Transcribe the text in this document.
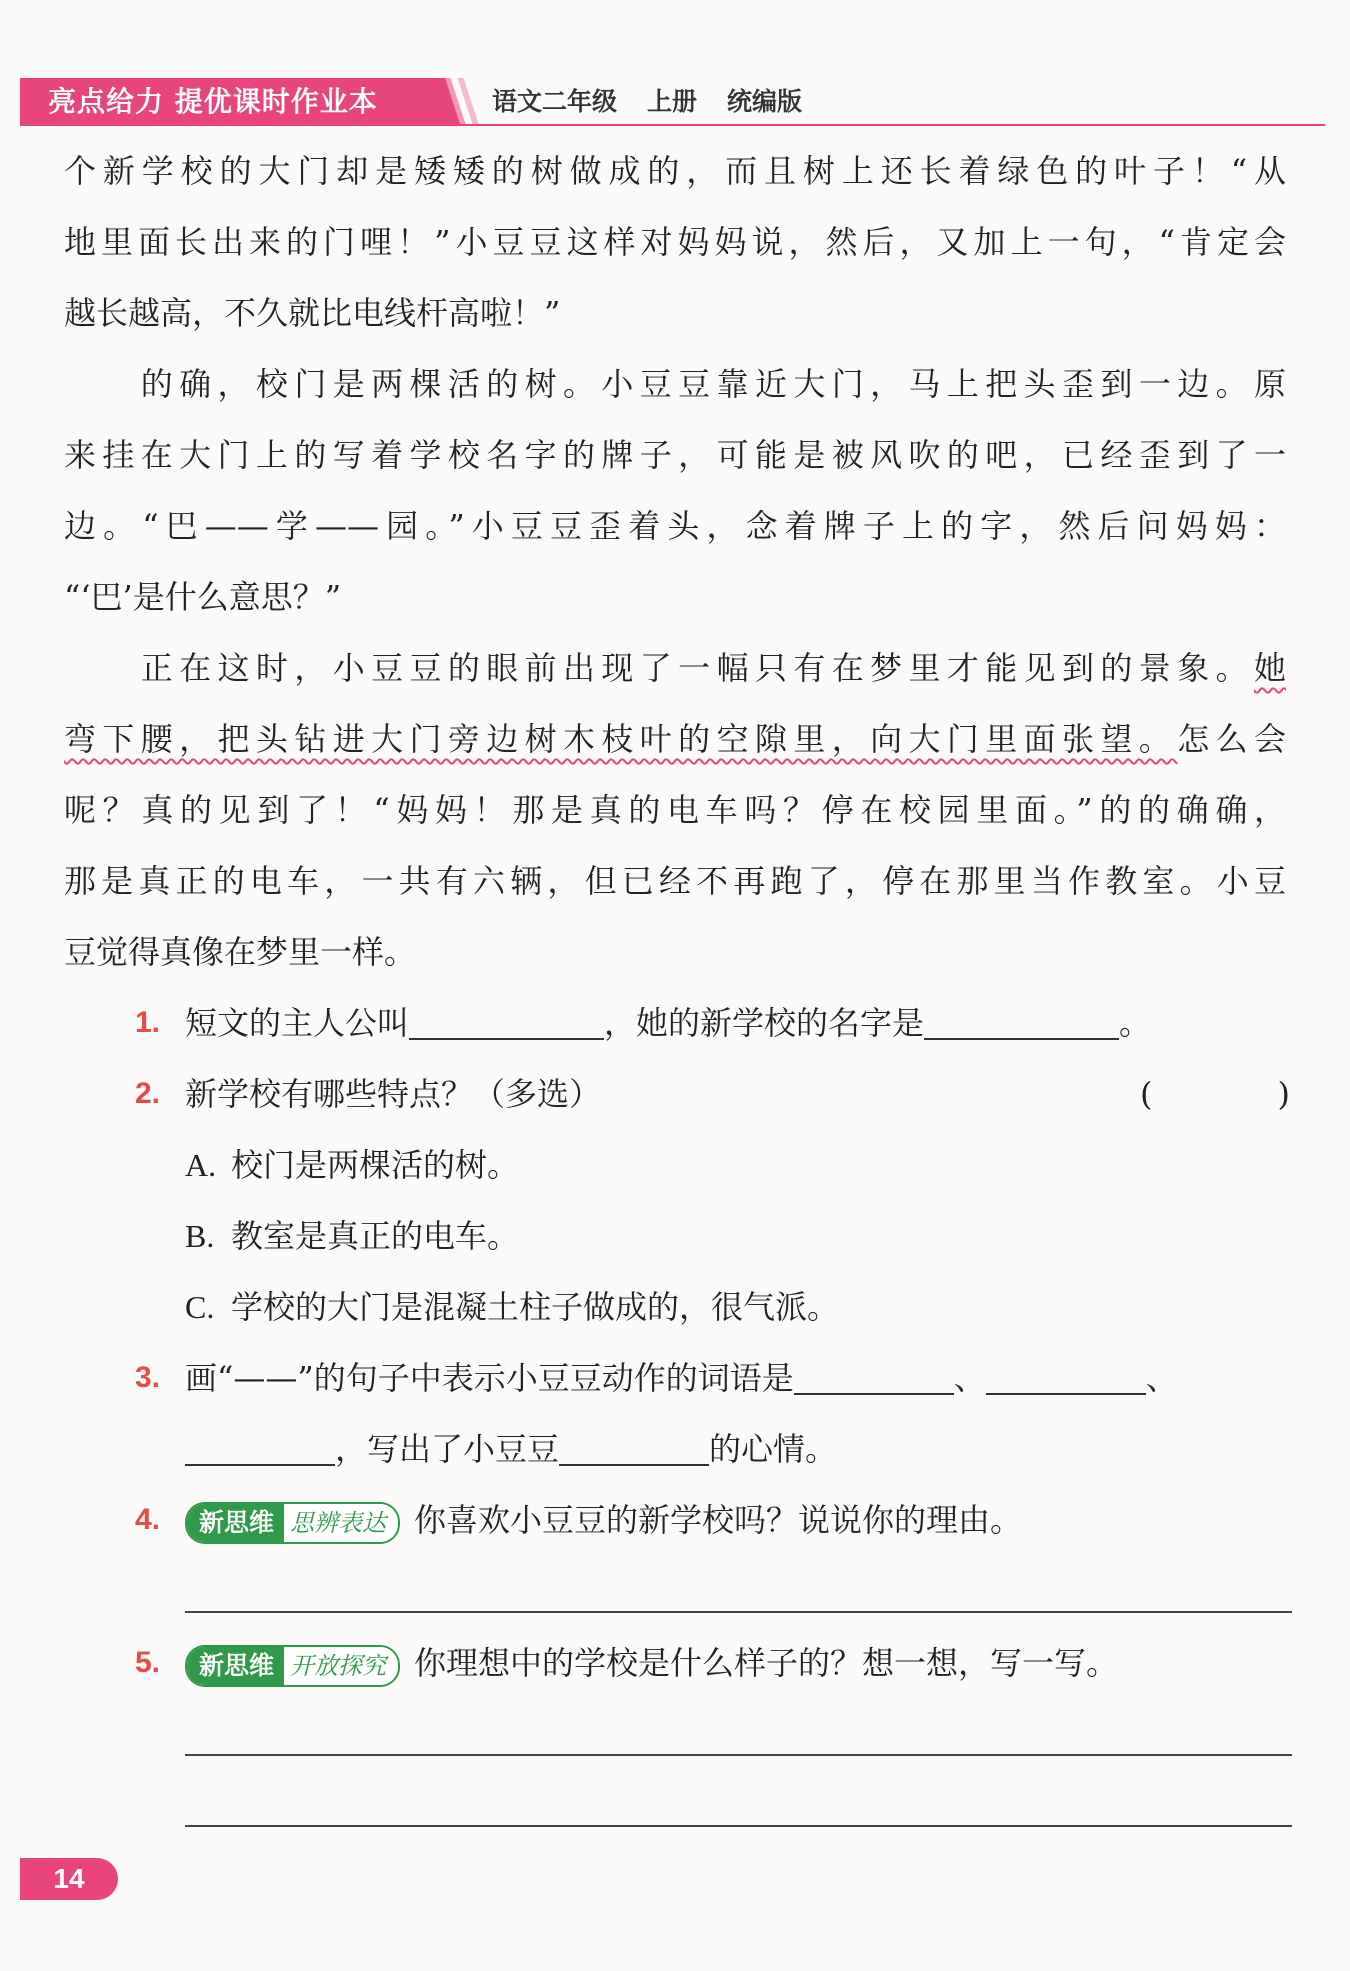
亮点给力 提优课时作业本	语文二年级 上册 统编版
个新学校的大门却是矮矮的树做成的，而且树上还长着绿色的叶子！“从
地里面长出来的门哩！”小豆豆这样对妈妈说，然后，又加上一句，“肯定会
越长越高，不久就比电线杆高啦！”
　　的确，校门是两棵活的树。小豆豆靠近大门，马上把头歪到一边。原
来挂在大门上的写着学校名字的牌子，可能是被风吹的吧，已经歪到了一
边。“巴——学——园。”小豆豆歪着头，念着牌子上的字，然后问妈妈：
“‘巴’是什么意思？”
　　正在这时，小豆豆的眼前出现了一幅只有在梦里才能见到的景象。她
弯下腰，把头钻进大门旁边树木枝叶的空隙里，向大门里面张望。怎么会
呢？真的见到了！“妈妈！那是真的电车吗？停在校园里面。”的的确确，
那是真正的电车，一共有六辆，但已经不再跑了，停在那里当作教室。小豆
豆觉得真像在梦里一样。
1. 短文的主人公叫	，她的新学校的名字是	。
2. 新学校有哪些特点？（多选）	(	)
A. 校门是两棵活的树。
B. 教室是真正的电车。
C. 学校的大门是混凝土柱子做成的，很气派。
3. 画“——”的句子中表示小豆豆动作的词语是	、	、
，写出了小豆豆	的心情。
4.	新思维 思辨表达 你喜欢小豆豆的新学校吗？说说你的理由。
5.	新思维 开放探究 你理想中的学校是什么样子的？想一想，写一写。
14
